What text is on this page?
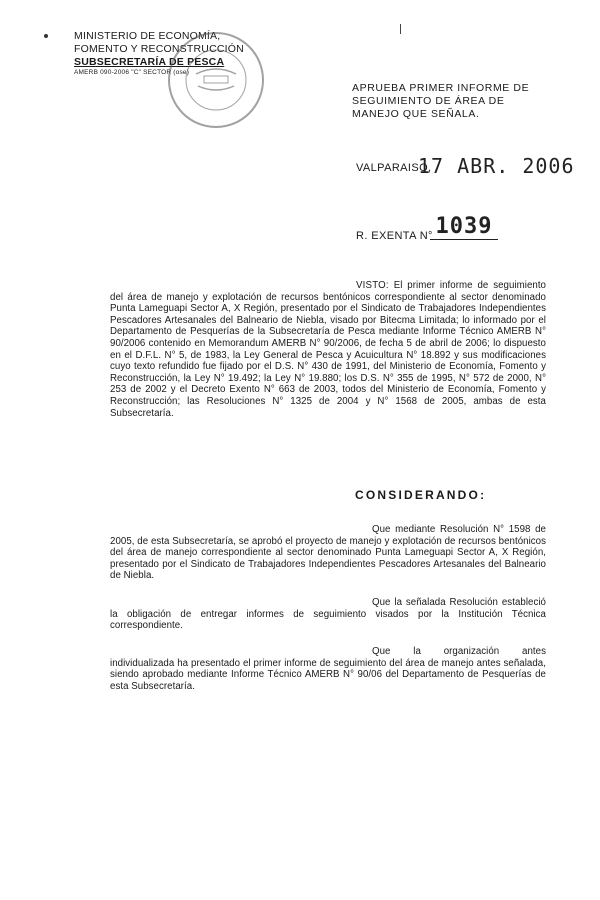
MINISTERIO DE ECONOMÍA,
FOMENTO Y RECONSTRUCCIÓN
SUBSECRETARÍA DE PESCA
AMERB 090-2006 "C" SECTOR (ose)
APRUEBA PRIMER INFORME DE SEGUIMIENTO DE ÁREA DE MANEJO QUE SEÑALA.
VALPARAISO,
17 ABR. 2006
R. EXENTA N° 1039
VISTO: El primer informe de seguimiento del área de manejo y explotación de recursos bentónicos correspondiente al sector denominado Punta Lameguapi Sector A, X Región, presentado por el Sindicato de Trabajadores Independientes Pescadores Artesanales del Balneario de Niebla, visado por Bitecma Limitada; lo informado por el Departamento de Pesquerías de la Subsecretaría de Pesca mediante Informe Técnico AMERB N° 90/2006 contenido en Memorandum AMERB N° 90/2006, de fecha 5 de abril de 2006; lo dispuesto en el D.F.L. N° 5, de 1983, la Ley General de Pesca y Acuicultura N° 18.892 y sus modificaciones cuyo texto refundido fue fijado por el D.S. N° 430 de 1991, del Ministerio de Economía, Fomento y Reconstrucción, la Ley N° 19.492; la Ley N° 19.880; los D.S. N° 355 de 1995, N° 572 de 2000, N° 253 de 2002 y el Decreto Exento N° 663 de 2003, todos del Ministerio de Economía, Fomento y Reconstrucción; las Resoluciones N° 1325 de 2004 y N° 1568 de 2005, ambas de esta Subsecretaría.
CONSIDERANDO:
Que mediante Resolución N° 1598 de 2005, de esta Subsecretaría, se aprobó el proyecto de manejo y explotación de recursos bentónicos del área de manejo correspondiente al sector denominado Punta Lameguapi Sector A, X Región, presentado por el Sindicato de Trabajadores Independientes Pescadores Artesanales del Balneario de Niebla.
Que la señalada Resolución estableció la obligación de entregar informes de seguimiento visados por la Institución Técnica correspondiente.
Que la organización antes individualizada ha presentado el primer informe de seguimiento del área de manejo antes señalada, siendo aprobado mediante Informe Técnico AMERB N° 90/06 del Departamento de Pesquerías de esta Subsecretaría.
